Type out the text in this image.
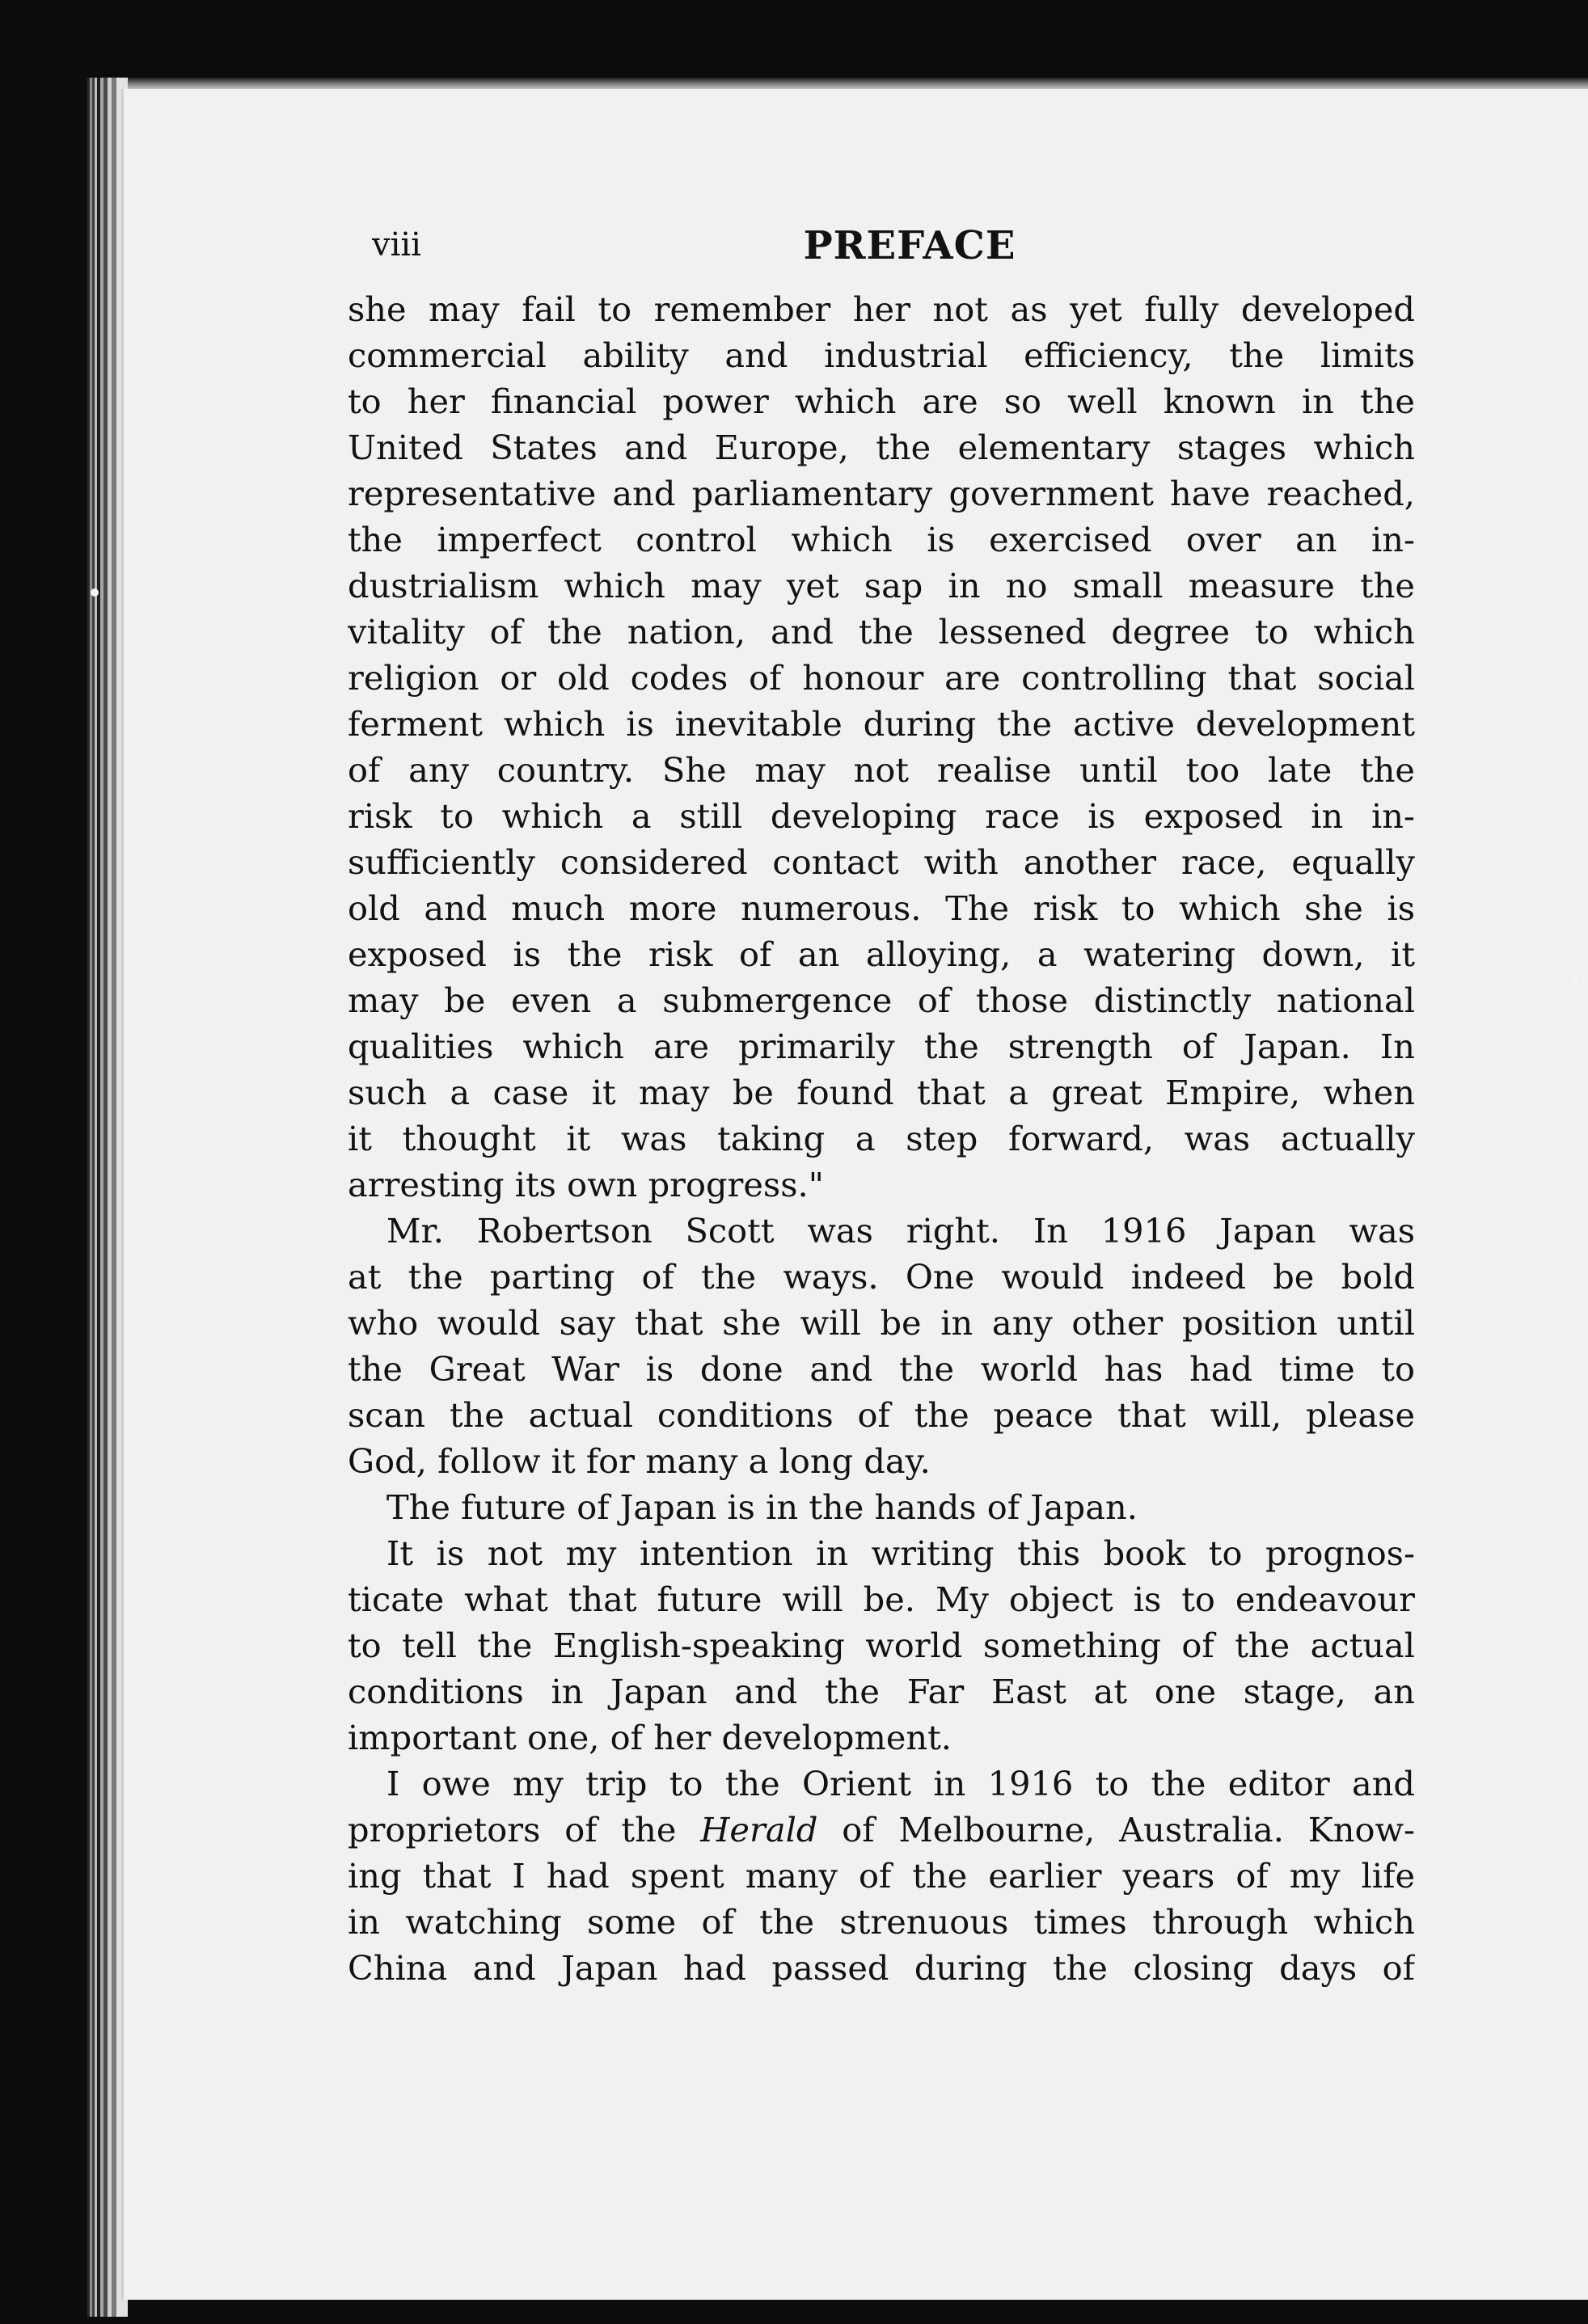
viii	PREFACE

she may fail to remember her not as yet fully developed
commercial ability and industrial efficiency, the limits
to her financial power which are so well known in the
United States and Europe, the elementary stages which
representative and parliamentary government have reached,
the imperfect control which is exercised over an in-
dustrialism which may yet sap in no small measure the
vitality of the nation, and the lessened degree to which
religion or old codes of honour are controlling that social
ferment which is inevitable during the active development
of any country. She may not realise until too late the
risk to which a still developing race is exposed in in-
sufficiently considered contact with another race, equally
old and much more numerous. The risk to which she is
exposed is the risk of an alloying, a watering down, it
may be even a submergence of those distinctly national
qualities which are primarily the strength of Japan. In
such a case it may be found that a great Empire, when
it thought it was taking a step forward, was actually
arresting its own progress."

Mr. Robertson Scott was right. In 1916 Japan was
at the parting of the ways. One would indeed be bold
who would say that she will be in any other position until
the Great War is done and the world has had time to
scan the actual conditions of the peace that will, please
God, follow it for many a long day.

The future of Japan is in the hands of Japan.

It is not my intention in writing this book to prognos-
ticate what that future will be. My object is to endeavour
to tell the English-speaking world something of the actual
conditions in Japan and the Far East at one stage, an
important one, of her development.

I owe my trip to the Orient in 1916 to the editor and
proprietors of the Herald of Melbourne, Australia. Know-
ing that I had spent many of the earlier years of my life
in watching some of the strenuous times through which
China and Japan had passed during the closing days of
